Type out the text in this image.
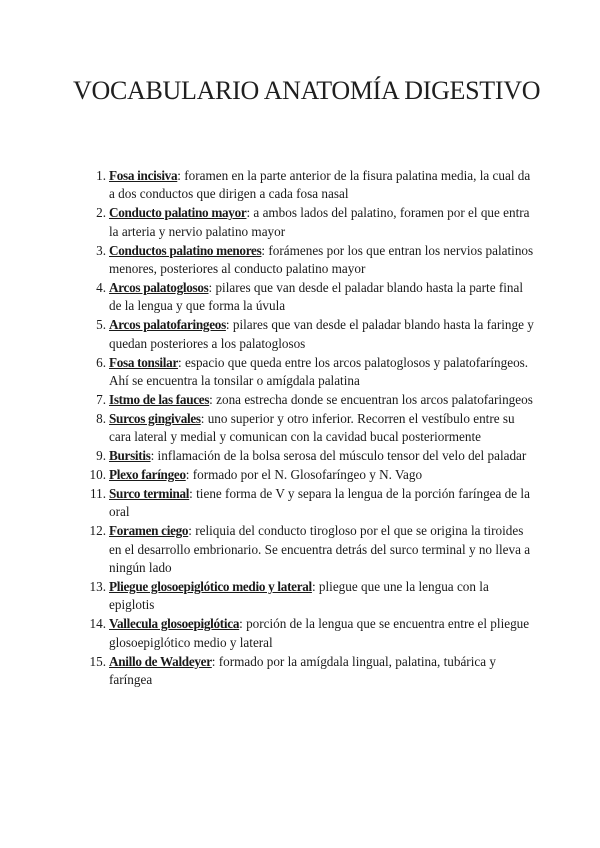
VOCABULARIO ANATOMÍA DIGESTIVO
1. Fosa incisiva: foramen en la parte anterior de la fisura palatina media, la cual da a dos conductos que dirigen a cada fosa nasal
2. Conducto palatino mayor: a ambos lados del palatino, foramen por el que entra la arteria y nervio palatino mayor
3. Conductos palatino menores: forámenes por los que entran los nervios palatinos menores, posteriores al conducto palatino mayor
4. Arcos palatoglosos: pilares que van desde el paladar blando hasta la parte final de la lengua y que forma la úvula
5. Arcos palatofaringeos: pilares que van desde el paladar blando hasta la faringe y quedan posteriores a los palatoglosos
6. Fosa tonsilar: espacio que queda entre los arcos palatoglosos y palatofaríngeos. Ahí se encuentra la tonsilar o amígdala palatina
7. Istmo de las fauces: zona estrecha donde se encuentran los arcos palatofaringeos
8. Surcos gingivales: uno superior y otro inferior. Recorren el vestíbulo entre su cara lateral y medial y comunican con la cavidad bucal posteriormente
9. Bursitis: inflamación de la bolsa serosa del músculo tensor del velo del paladar
10. Plexo faríngeo: formado por el N. Glosofaríngeo y N. Vago
11. Surco terminal: tiene forma de V y separa la lengua de la porción faríngea de la oral
12. Foramen ciego: reliquia del conducto tirogloso por el que se origina la tiroides en el desarrollo embrionario. Se encuentra detrás del surco terminal y no lleva a ningún lado
13. Pliegue glosoepiglótico medio y lateral: pliegue que une la lengua con la epiglotis
14. Vallecula glosoepiglótica: porción de la lengua que se encuentra entre el pliegue glosoepiglótico medio y lateral
15. Anillo de Waldeyer: formado por la amígdala lingual, palatina, tubárica y faríngea
